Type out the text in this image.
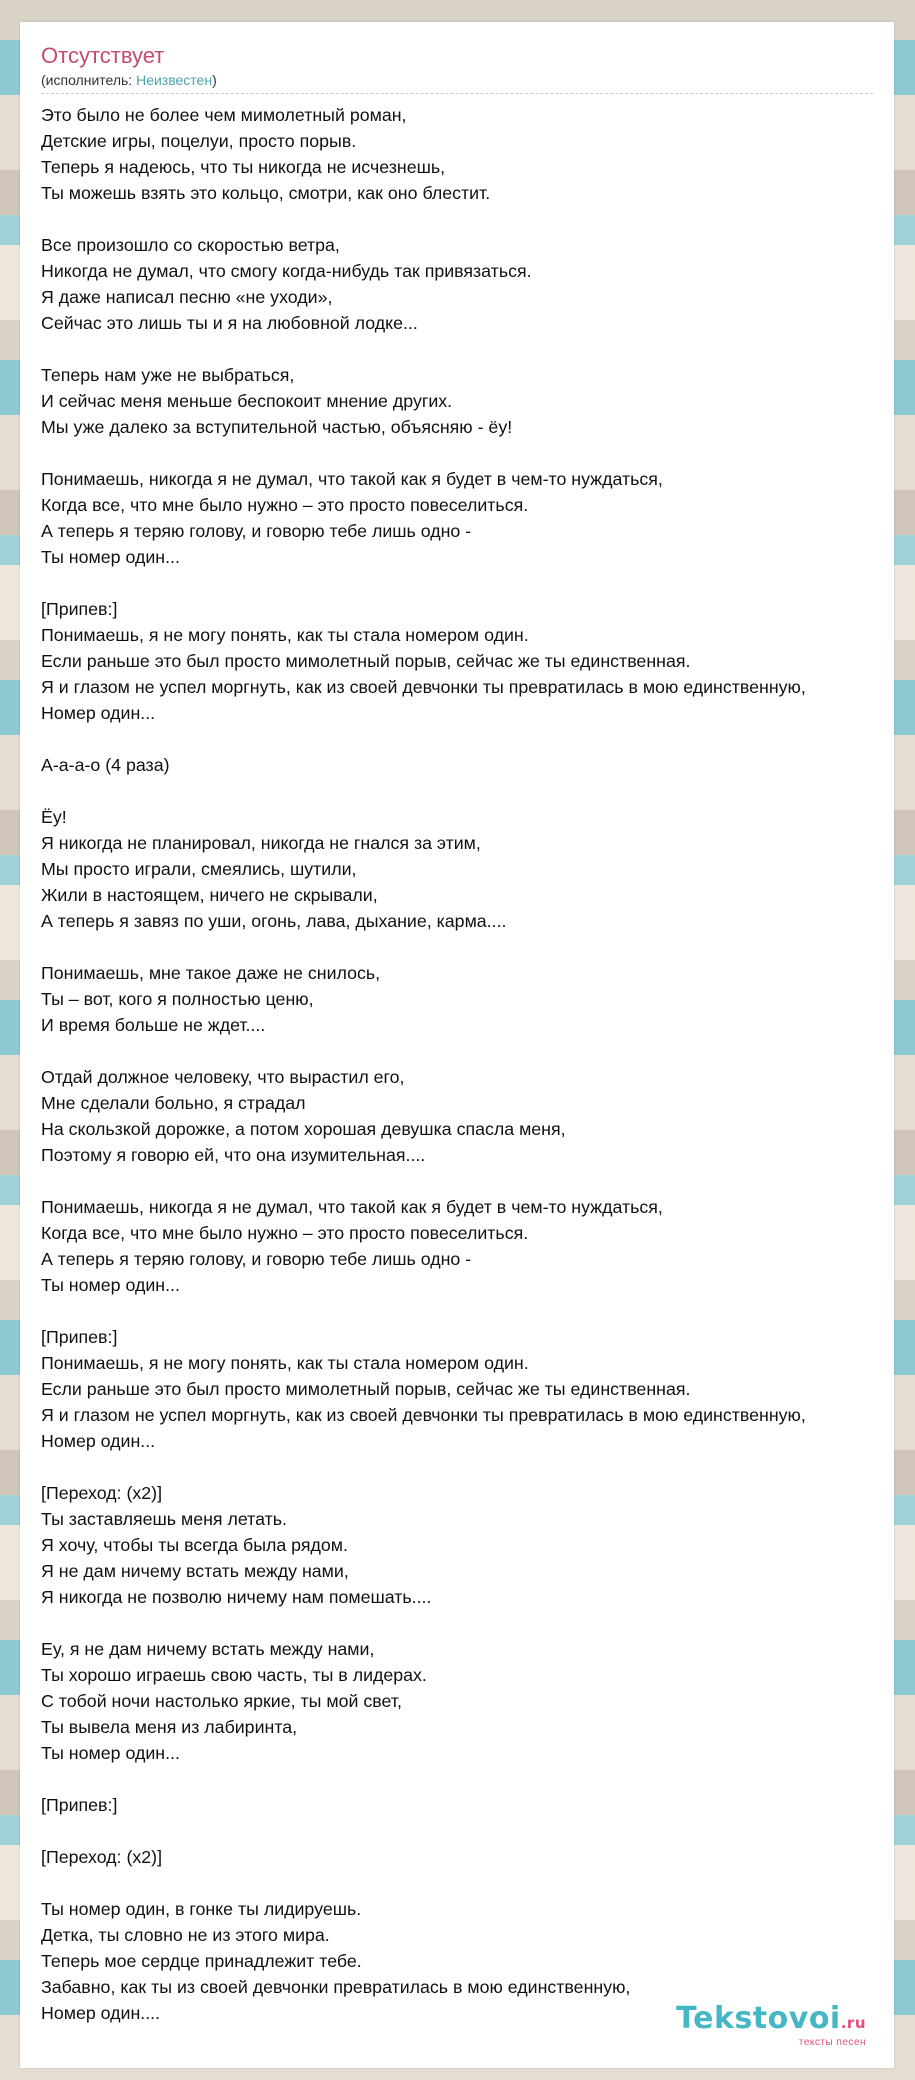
Отсутствует
(исполнитель: Неизвестен)
Это было не более чем мимолетный роман,
Детские игры, поцелуи, просто порыв.
Теперь я надеюсь, что ты никогда не исчезнешь,
Ты можешь взять это кольцо, смотри, как оно блестит.
Все произошло со скоростью ветра,
Никогда не думал, что смогу когда-нибудь так привязаться.
Я даже написал песню «не уходи»,
Сейчас это лишь ты и я на любовной лодке...
Теперь нам уже не выбраться,
И сейчас меня меньше беспокоит мнение других.
Мы уже далеко за вступительной частью, объясняю - ёу!
Понимаешь, никогда я не думал, что такой как я будет в чем-то нуждаться,
Когда все, что мне было нужно – это просто повеселиться.
А теперь я теряю голову, и говорю тебе лишь одно -
Ты номер один...
[Припев:]
Понимаешь, я не могу понять, как ты стала номером один.
Если раньше это был просто мимолетный порыв, сейчас же ты единственная.
Я и глазом не успел моргнуть, как из своей девчонки ты превратилась в мою единственную,
Номер один...
А-а-а-о (4 раза)
Ёу!
Я никогда не планировал, никогда не гнался за этим,
Мы просто играли, смеялись, шутили,
Жили в настоящем, ничего не скрывали,
А теперь я завяз по уши, огонь, лава, дыхание, карма....
Понимаешь, мне такое даже не снилось,
Ты – вот, кого я полностью ценю,
И время больше не ждет....
Отдай должное человеку, что вырастил его,
Мне сделали больно, я страдал
На скользкой дорожке, а потом хорошая девушка спасла меня,
Поэтому я говорю ей, что она изумительная....
Понимаешь, никогда я не думал, что такой как я будет в чем-то нуждаться,
Когда все, что мне было нужно – это просто повеселиться.
А теперь я теряю голову, и говорю тебе лишь одно -
Ты номер один...
[Припев:]
Понимаешь, я не могу понять, как ты стала номером один.
Если раньше это был просто мимолетный порыв, сейчас же ты единственная.
Я и глазом не успел моргнуть, как из своей девчонки ты превратилась в мою единственную,
Номер один...
[Переход: (x2)]
Ты заставляешь меня летать.
Я хочу, чтобы ты всегда была рядом.
Я не дам ничему встать между нами,
Я никогда не позволю ничему нам помешать....
Еу, я не дам ничему встать между нами,
Ты хорошо играешь свою часть, ты в лидерах.
С тобой ночи настолько яркие, ты мой свет,
Ты вывела меня из лабиринта,
Ты номер один...
[Припев:]
[Переход: (x2)]
Ты номер один, в гонке ты лидируешь.
Детка, ты словно не из этого мира.
Теперь мое сердце принадлежит тебе.
Забавно, как ты из своей девчонки превратилась в мою единственную,
Номер один....	Tekstovoi.ru
тексты песен
